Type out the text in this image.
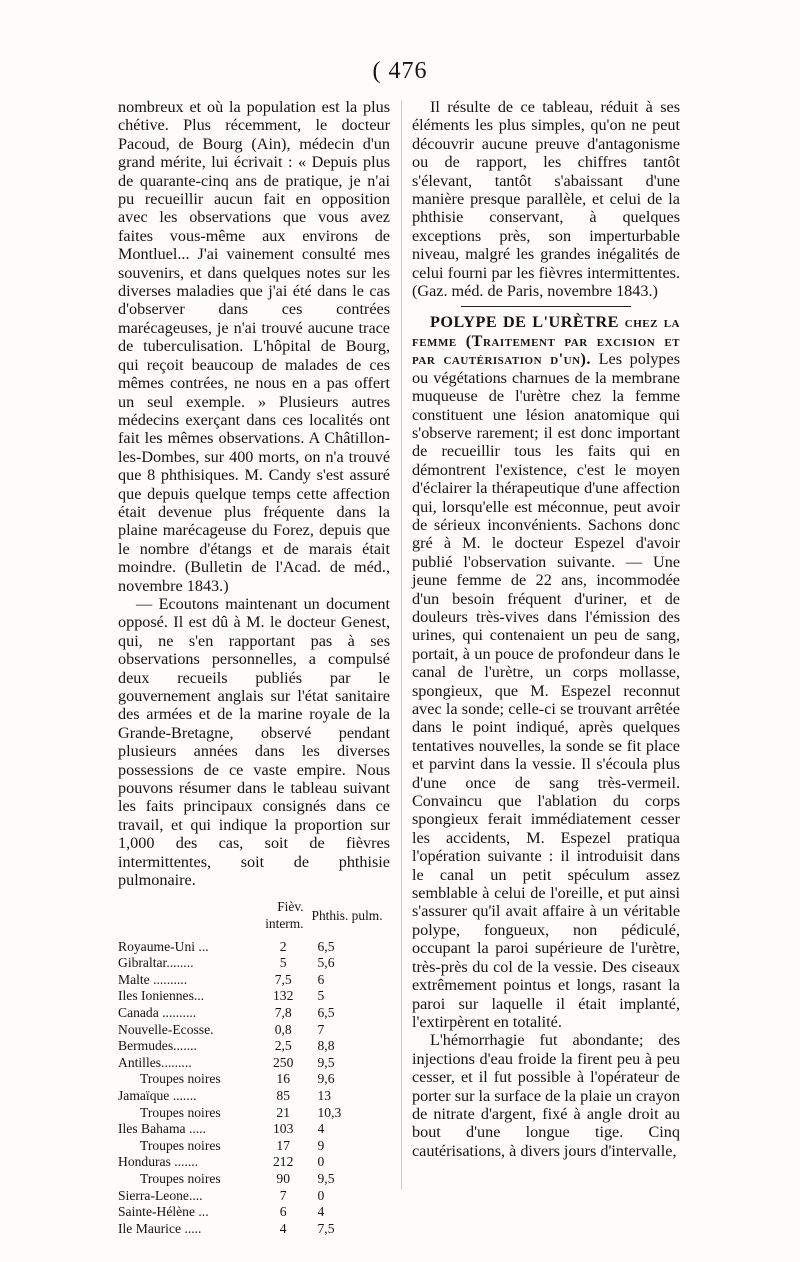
( 476

nombreux et où la population est la plus chétive. Plus récemment, le docteur Pacoud, de Bourg (Ain), médecin d'un grand mérite, lui écrivait : « Depuis plus de quarante-cinq ans de pratique, je n'ai pu recueillir aucun fait en opposition avec les observations que vous avez faites vous-même aux environs de Montluel... J'ai vainement consulté mes souvenirs, et dans quelques notes sur les diverses maladies que j'ai été dans le cas d'observer dans ces contrées marécageuses, je n'ai trouvé aucune trace de tuberculisation. L'hôpital de Bourg, qui reçoit beaucoup de malades de ces mêmes contrées, ne nous en a pas offert un seul exemple. » Plusieurs autres médecins exerçant dans ces localités ont fait les mêmes observations. A Châtillon-les-Dombes, sur 400 morts, on n'a trouvé que 8 phthisiques. M. Candy s'est assuré que depuis quelque temps cette affection était devenue plus fréquente dans la plaine marécageuse du Forez, depuis que le nombre d'étangs et de marais était moindre. (Bulletin de l'Acad. de méd., novembre 1843.)

— Ecoutons maintenant un document opposé. Il est dû à M. le docteur Genest, qui, ne s'en rapportant pas à ses observations personnelles, a compulsé deux recueils publiés par le gouvernement anglais sur l'état sanitaire des armées et de la marine royale de la Grande-Bretagne, observé pendant plusieurs années dans les diverses possessions de ce vaste empire. Nous pouvons résumer dans le tableau suivant les faits principaux consignés dans ce travail, et qui indique la proportion sur 1,000 des cas, soit de fièvres intermittentes, soit de phthisie pulmonaire.

	Fièv. interm.	Phthis. pulm.
Royaume-Uni ...	2	6,5
Gibraltar........	5	5,6
Malte ..........	7,5	6
Iles Ioniennes...	132	5
Canada ..........	7,8	6,5
Nouvelle-Ecosse.	0,8	7
Bermudes.......	2,5	8,8
Antilles.........	250	9,5
Troupes noires	16	9,6
Jamaïque .......	85	13
Troupes noires	21	10,3
Iles Bahama .....	103	4
Troupes noires	17	9
Honduras .......	212	0
Troupes noires	90	9,5
Sierra-Leone....	7	0
Sainte-Hélène ...	6	4
Ile Maurice .....	4	7,5

Il résulte de ce tableau, réduit à ses éléments les plus simples, qu'on ne peut découvrir aucune preuve d'antagonisme ou de rapport, les chiffres tantôt s'élevant, tantôt s'abaissant d'une manière presque parallèle, et celui de la phthisie conservant, à quelques exceptions près, son imperturbable niveau, malgré les grandes inégalités de celui fourni par les fièvres intermittentes. (Gaz. méd. de Paris, novembre 1843.)

POLYPE DE L'URÈTRE chez la femme (Traitement par excision et par cautérisation d'un). Les polypes ou végétations charnues de la membrane muqueuse de l'urètre chez la femme constituent une lésion anatomique qui s'observe rarement; il est donc important de recueillir tous les faits qui en démontrent l'existence, c'est le moyen d'éclairer la thérapeutique d'une affection qui, lorsqu'elle est méconnue, peut avoir de sérieux inconvénients. Sachons donc gré à M. le docteur Espezel d'avoir publié l'observation suivante. — Une jeune femme de 22 ans, incommodée d'un besoin fréquent d'uriner, et de douleurs très-vives dans l'émission des urines, qui contenaient un peu de sang, portait, à un pouce de profondeur dans le canal de l'urètre, un corps mollasse, spongieux, que M. Espezel reconnut avec la sonde; celle-ci se trouvant arrêtée dans le point indiqué, après quelques tentatives nouvelles, la sonde se fit place et parvint dans la vessie. Il s'écoula plus d'une once de sang très-vermeil. Convaincu que l'ablation du corps spongieux ferait immédiatement cesser les accidents, M. Espezel pratiqua l'opération suivante : il introduisit dans le canal un petit spéculum assez semblable à celui de l'oreille, et put ainsi s'assurer qu'il avait affaire à un véritable polype, fongueux, non pédiculé, occupant la paroi supérieure de l'urètre, très-près du col de la vessie. Des ciseaux extrêmement pointus et longs, rasant la paroi sur laquelle il était implanté, l'extirpèrent en totalité.

L'hémorrhagie fut abondante; des injections d'eau froide la firent peu à peu cesser, et il fut possible à l'opérateur de porter sur la surface de la plaie un crayon de nitrate d'argent, fixé à angle droit au bout d'une longue tige. Cinq cautérisations, à divers jours d'intervalle,
